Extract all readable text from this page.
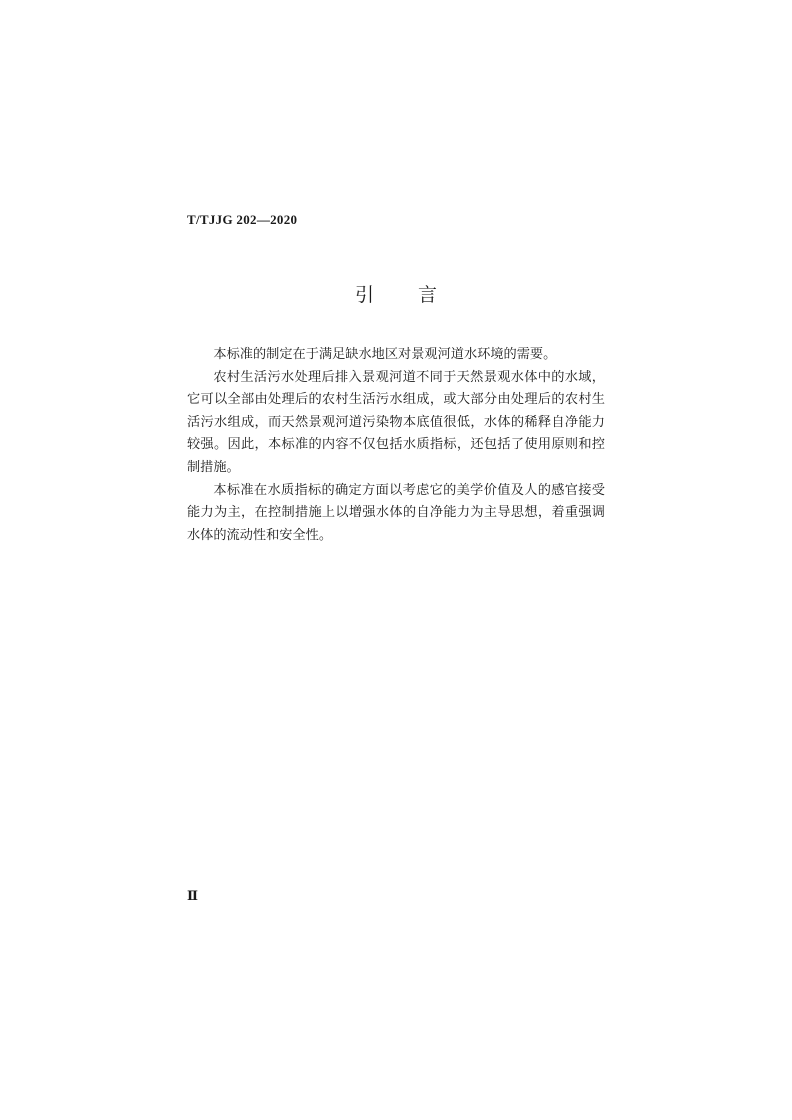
T/TJJG 202—2020
引 言

本标准的制定在于满足缺水地区对景观河道水环境的需要。

农村生活污水处理后排入景观河道不同于天然景观水体中的水域，它可以全部由处理后的农村生活污水组成，或大部分由处理后的农村生活污水组成，而天然景观河道污染物本底值很低，水体的稀释自净能力较强。因此，本标准的内容不仅包括水质指标，还包括了使用原则和控制措施。

本标准在水质指标的确定方面以考虑它的美学价值及人的感官接受能力为主，在控制措施上以增强水体的自净能力为主导思想，着重强调水体的流动性和安全性。

Ⅱ
